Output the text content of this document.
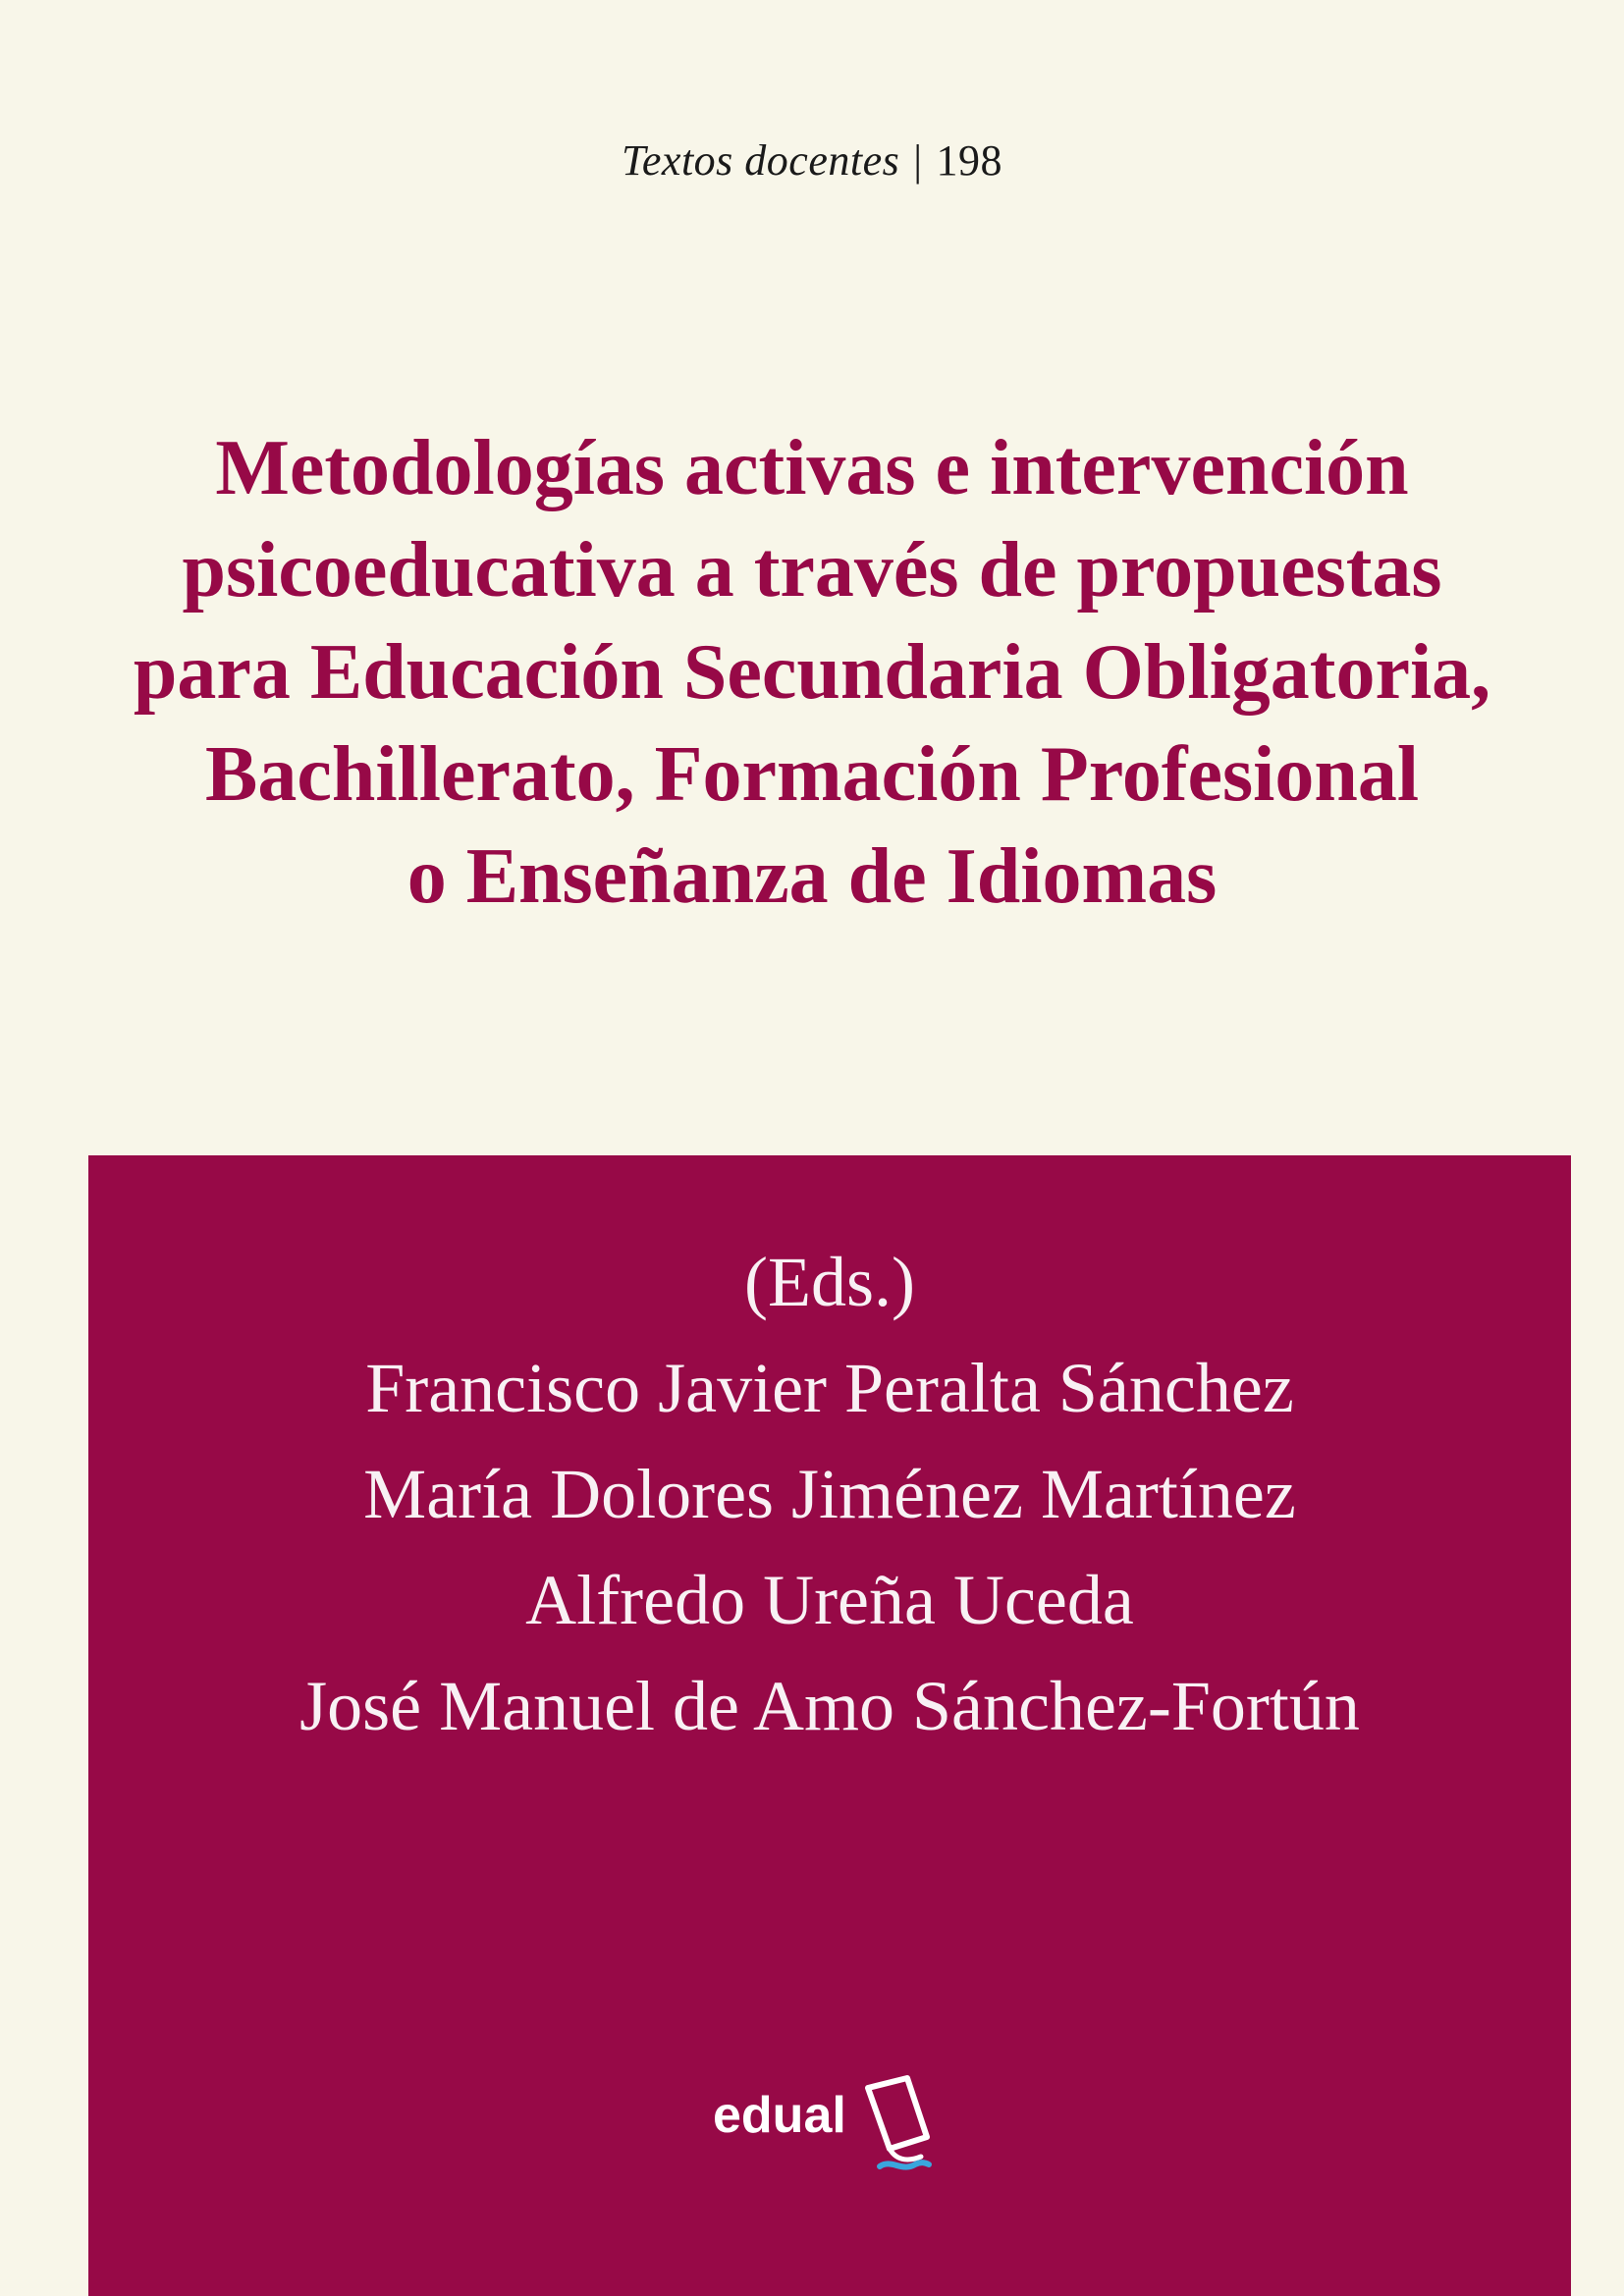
Textos docentes | 198
Metodologías activas e intervención
psicoeducativa a través de propuestas
para Educación Secundaria Obligatoria,
Bachillerato, Formación Profesional
o Enseñanza de Idiomas
(Eds.)
Francisco Javier Peralta Sánchez
María Dolores Jiménez Martínez
Alfredo Ureña Uceda
José Manuel de Amo Sánchez-Fortún
edual
